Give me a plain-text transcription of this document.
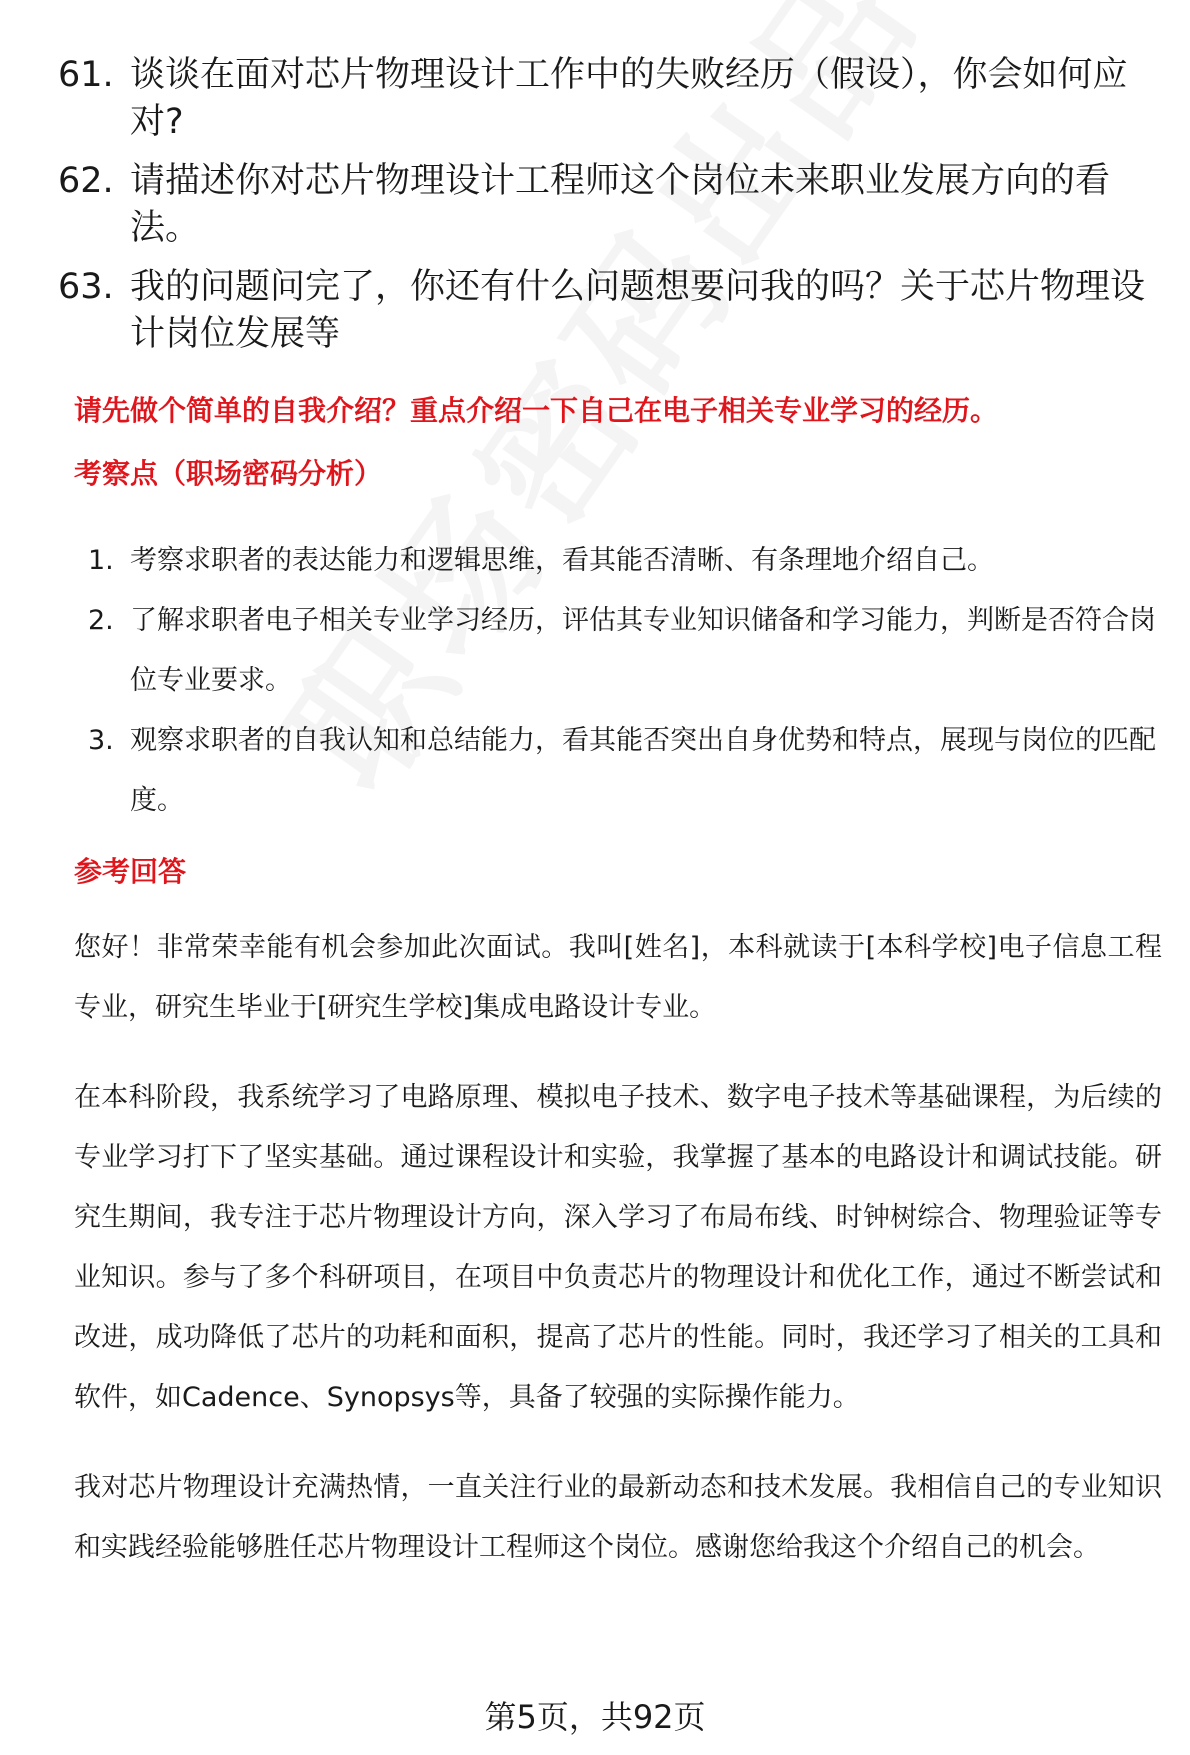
61. 谈谈在面对芯片物理设计工作中的失败经历（假设），你会如何应对?
62. 请描述你对芯片物理设计工程师这个岗位未来职业发展方向的看法。
63. 我的问题问完了，你还有什么问题想要问我的吗？关于芯片物理设计岗位发展等
请先做个简单的自我介绍？重点介绍一下自己在电子相关专业学习的经历。
考察点（职场密码分析）
1. 考察求职者的表达能力和逻辑思维，看其能否清晰、有条理地介绍自己。
2. 了解求职者电子相关专业学习经历，评估其专业知识储备和学习能力，判断是否符合岗位专业要求。
3. 观察求职者的自我认知和总结能力，看其能否突出自身优势和特点，展现与岗位的匹配度。
参考回答

您好！非常荣幸能有机会参加此次面试。我叫[姓名]，本科就读于[本科学校]电子信息工程专业，研究生毕业于[研究生学校]集成电路设计专业。

在本科阶段，我系统学习了电路原理、模拟电子技术、数字电子技术等基础课程，为后续的专业学习打下了坚实基础。通过课程设计和实验，我掌握了基本的电路设计和调试技能。研究生期间，我专注于芯片物理设计方向，深入学习了布局布线、时钟树综合、物理验证等专业知识。参与了多个科研项目，在项目中负责芯片的物理设计和优化工作，通过不断尝试和改进，成功降低了芯片的功耗和面积，提高了芯片的性能。同时，我还学习了相关的工具和软件，如Cadence、Synopsys等，具备了较强的实际操作能力。

我对芯片物理设计充满热情，一直关注行业的最新动态和技术发展。我相信自己的专业知识和实践经验能够胜任芯片物理设计工程师这个岗位。感谢您给我这个介绍自己的机会。

第5页，共92页
